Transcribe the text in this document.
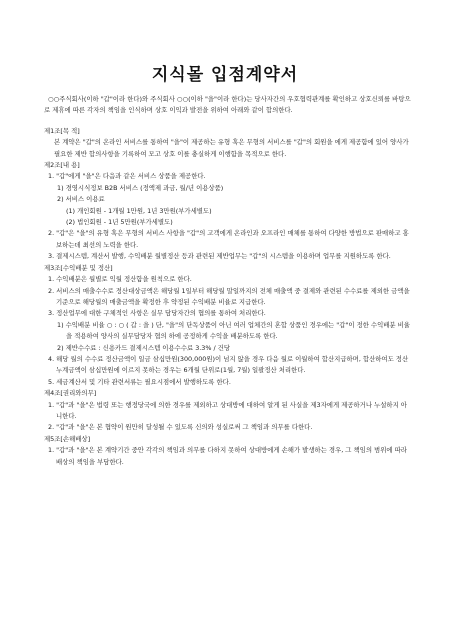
지식몰 입점계약서

○○주식회사(이하 "갑"이라 한다)와 주식회사 ○○(이하 "을"이라 한다)는 당사자간의 우호협력관계를 확인하고 상호신뢰를 바탕으로 제휴에 따른 각자의 책임을 인식하며 상호 이익과 발전을 위하여 아래와 같이 합의한다.

제1조[목 적]

본 계약은 "갑"의 온라인 서비스를 통하여 "을"이 제공하는 유형 혹은 무형의 서비스를 "갑"의 회원을 에게 제공함에 있어 양사가 필요한 제반 합의사항을 기록하여 모고 상호 이를 충실하게 이행함을 목적으로 한다.

제2조[내 용]

1. "갑"에게 "을"은 다음과 같은 서비스 상품을 제공한다.

1) 경영시식정보 B2B 서비스 (정액제 과금, 월/년 이용상품)

2) 서비스 이용료

(1) 개인회원 - 1개월 1만원, 1년 3만원(부가세별도)

(2) 법인회원 - 1년 5만원(부가세별도)

2. "갑"은 "을"의 유형 혹은 무형의 서비스 사항을 "갑"의 고객에게 온라인과 오프라인 매체를 통하여 다양한 방법으로 판매하고 홍보하는데 최선의 노력을 한다.

3. 결제시스템, 계산서 발행, 수익배분 월별정산 등과 관련된 제반업무는 "갑"의 시스템을 이용하며 업무를 지원하도록 한다.

제3조[수익배분 및 정산]

1. 수익배분은 월별로 익월 정산함을 원칙으로 한다.

2. 서비스의 매출수수로 정산대상금액은 해당월 1일부터 해당월 말일까지의 전체 매출액 중 결제와 관련된 수수료를 제외한 금액을 기준으로 해당월의 매출금액을 확정한 후 약정된 수익배분 비율로 지급한다.

3. 정산업무에 대한 구체적인 사항은 실무 담당자간의 협의를 통하여 처리한다.

1) 수익배분 비율 ○ : ○ ( 갑 : 을 ) 단, "을"의 단독상품이 아닌 여러 업체간의 혼합 상품인 경우에는 "갑"이 정한 수익배분 비율을 적용하여 양사의 실무담당자 협의 하에 공정하게 수익을 배분하도록 한다.

2) 제반수수료 : 신용카드 결제시스템 이용수수료 3.3% / 건당

4. 해당 월의 수수료 정산금액이 일금 삼십만원(300,000원)이 넘지 않을 경우 다음 월로 이월하여 합산지급하며, 합산하여도 정산누계금액이 삼십만원에 이르지 못하는 경우는 6개월 단위로(1월, 7월) 일괄정산 처리한다.

5. 세금계산서 및 기타 관련서류는 필요시점에서 발행하도록 한다.

제4조[권리와의무]

1. "갑"과 "을"은 법령 또는 행정당국에 의한 경우를 제외하고 상대방에 대하여 알게 된 사실을 제3자에게 제공하거나 누설하지 아니한다.

2. "갑"과 "을"은 본 협약이 원만히 달성될 수 있도록 신의와 성실로써 그 책임과 의무를 다한다.

제5조[손해배상]

1. "갑"과 "을"은 본 계약기간 중안 각각의 책임과 의무를 다하지 못하여 상대방에게 손해가 발생하는 경우, 그 책임의 범위에 따라 배상의 책임을 부담한다.
